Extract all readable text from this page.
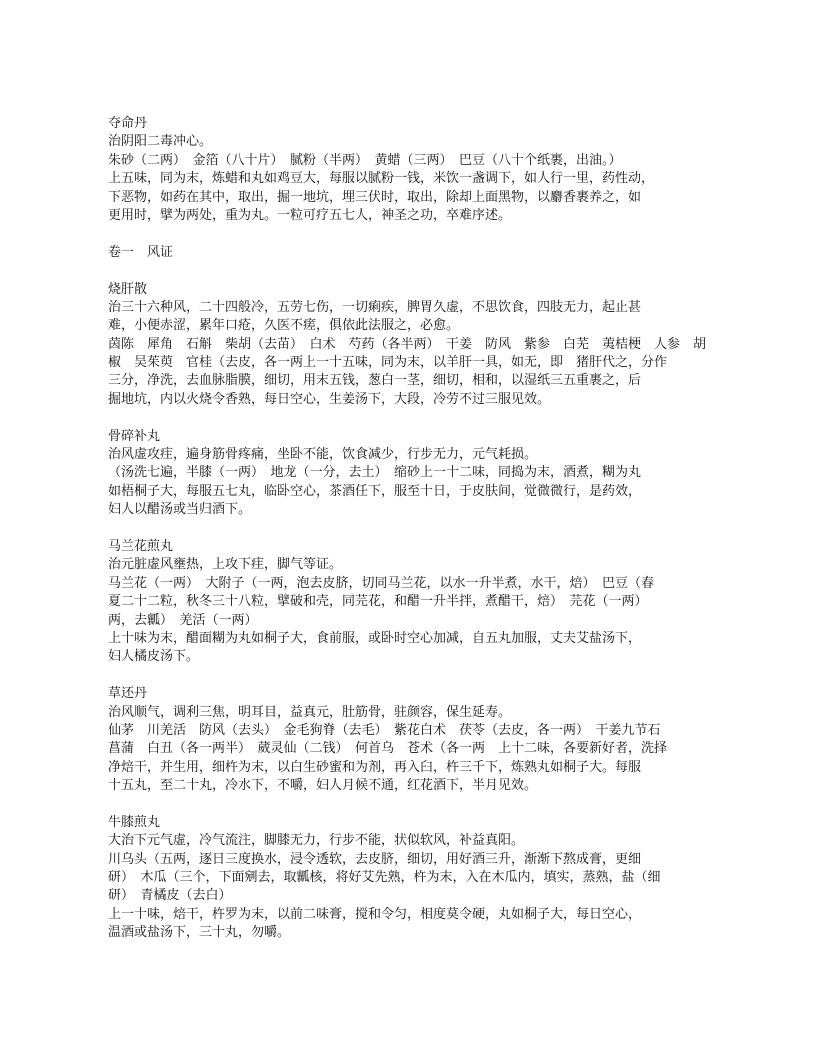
夺命丹
治阴阳二毒冲心。
朱砂（二两）　金箔（八十片）　腻粉（半两）　黄蜡（三两）　巴豆（八十个纸裹，出油。）
上五味，同为末，炼蜡和丸如鸡豆大，每服以腻粉一钱，米饮一盏调下，如人行一里，药性动，
下恶物，如药在其中，取出，掘一地坑，埋三伏时，取出，除却上面黑物，以麝香裹养之，如
更用时，擘为两处，重为丸。一粒可疗五七人，神圣之功，卒难序述。
卷一　风证
烧肝散
治三十六种风，二十四般冷，五劳七伤，一切痢疾，脾胃久虚，不思饮食，四肢无力，起止甚
难，小便赤涩，累年口疮，久医不瘥，俱依此法服之，必愈。
茵陈　犀角　石斛　柴胡（去苗）　白术　芍药（各半两）　干姜　防风　紫参　白芜　荑桔梗　人参　胡
椒　吴茱萸　官桂（去皮，各一两上一十五味，同为末，以羊肝一具，如无，即　猪肝代之，分作
三分，净洗，去血脉脂膜，细切，用末五钱，葱白一茎，细切，相和，以湿纸三五重裹之，后
掘地坑，内以火烧令香熟，每日空心，生姜汤下，大段，冷劳不过三服见效。
骨碎补丸
治风虚攻疰，遍身筋骨疼痛，坐卧不能，饮食减少，行步无力，元气耗损。
（汤洗七遍，半膝（一两）　地龙（一分，去土）　缩砂上一十二味，同捣为末，酒煮，糊为丸
如梧桐子大，每服五七丸，临卧空心，茶酒任下，服至十日，于皮肤间，觉微微行，是药效，
妇人以醋汤或当归酒下。
马兰花煎丸
治元脏虚风壅热，上攻下疰，脚气等证。
马兰花（一两）　大附子（一两，泡去皮脐，切同马兰花，以水一升半煮，水干，焙）　巴豆（春
夏二十二粒，秋冬三十八粒，擘破和壳，同芫花，和醋一升半拌，煮醋干，焙）　芫花（一两）
两，去瓤）　羌活（一两）
上十味为末，醋面糊为丸如桐子大，食前服，或卧时空心加减，自五丸加服，丈夫艾盐汤下，
妇人橘皮汤下。
草还丹
治风顺气，调利三焦，明耳目，益真元，肚筋骨，驻颜容，保生延寿。
仙茅　川羌活　防风（去头）　金毛狗脊（去毛）　紫花白术　茯苓（去皮，各一两）　干姜九节石
菖蒲　白丑（各一两半）　葳灵仙（二钱）　何首乌　苍术（各一两　上十二味，各要新好者，洗择
净焙干，并生用，细杵为末，以白生砂蜜和为剂，再入臼，杵三千下，炼熟丸如桐子大。每服
十五丸，至二十丸，冷水下，不嚼，妇人月候不通，红花酒下，半月见效。
牛膝煎丸
大治下元气虚，冷气流注，脚膝无力，行步不能，状似软风，补益真阳。
川乌头（五两，逐日三度换水，浸令透软，去皮脐，细切，用好酒三升，渐渐下熬成膏，更细
研）　木瓜（三个，下面剜去，取瓤核，将好艾先熟，杵为末，入在木瓜内，填实，蒸熟，盐（细
研）　青橘皮（去白）
上一十味，焙干，杵罗为末，以前二味膏，搅和令匀，相度莫令硬，丸如桐子大，每日空心，
温酒或盐汤下，三十丸，勿嚼。
